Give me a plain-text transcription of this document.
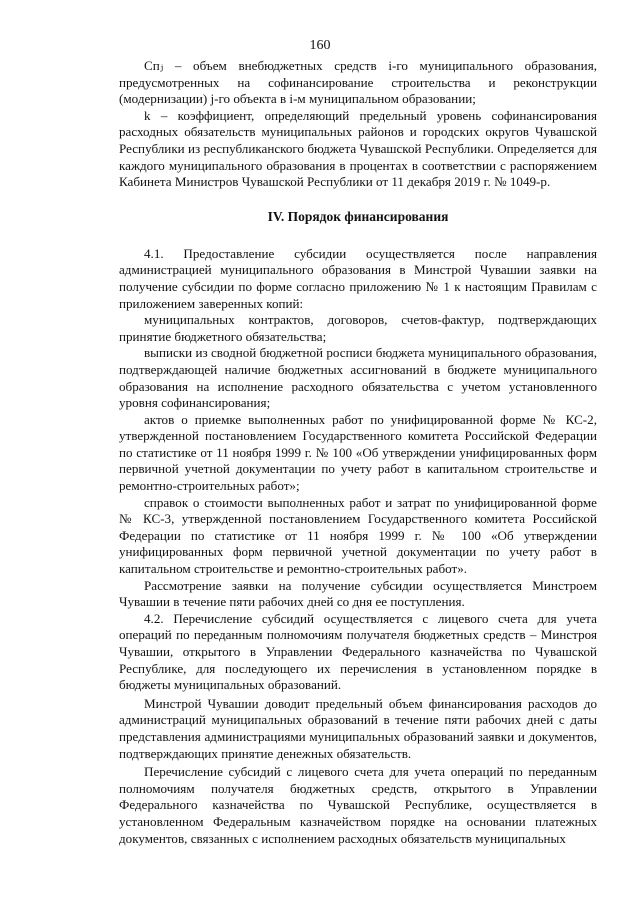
160

Спⱼ – объем внебюджетных средств i-го муниципального образования, предусмотренных на софинансирование строительства и реконструкции (модернизации) j-го объекта в i-м муниципальном образовании;

k – коэффициент, определяющий предельный уровень софинансирования расходных обязательств муниципальных районов и городских округов Чувашской Республики из республиканского бюджета Чувашской Республики. Определяется для каждого муниципального образования в процентах в соответствии с распоряжением Кабинета Министров Чувашской Республики от 11 декабря 2019 г. № 1049-р.

IV. Порядок финансирования

4.1. Предоставление субсидии осуществляется после направления администрацией муниципального образования в Минстрой Чувашии заявки на получение субсидии по форме согласно приложению № 1 к настоящим Правилам с приложением заверенных копий:

муниципальных контрактов, договоров, счетов-фактур, подтверждающих принятие бюджетного обязательства;

выписки из сводной бюджетной росписи бюджета муниципального образования, подтверждающей наличие бюджетных ассигнований в бюджете муниципального образования на исполнение расходного обязательства с учетом установленного уровня софинансирования;

актов о приемке выполненных работ по унифицированной форме № КС-2, утвержденной постановлением Государственного комитета Российской Федерации по статистике от 11 ноября 1999 г. № 100 «Об утверждении унифицированных форм первичной учетной документации по учету работ в капитальном строительстве и ремонтно-строительных работ»;

справок о стоимости выполненных работ и затрат по унифицированной форме № КС-3, утвержденной постановлением Государственного комитета Российской Федерации по статистике от 11 ноября 1999 г. № 100 «Об утверждении унифицированных форм первичной учетной документации по учету работ в капитальном строительстве и ремонтно-строительных работ».

Рассмотрение заявки на получение субсидии осуществляется Минстроем Чувашии в течение пяти рабочих дней со дня ее поступления.

4.2. Перечисление субсидий осуществляется с лицевого счета для учета операций по переданным полномочиям получателя бюджетных средств – Минстроя Чувашии, открытого в Управлении Федерального казначейства по Чувашской Республике, для последующего их перечисления в установленном порядке в бюджеты муниципальных образований.

Минстрой Чувашии доводит предельный объем финансирования расходов до администраций муниципальных образований в течение пяти рабочих дней с даты представления администрациями муниципальных образований заявки и документов, подтверждающих принятие денежных обязательств.

Перечисление субсидий с лицевого счета для учета операций по переданным полномочиям получателя бюджетных средств, открытого в Управлении Федерального казначейства по Чувашской Республике, осуществляется в установленном Федеральным казначейством порядке на основании платежных документов, связанных с исполнением расходных обязательств муниципальных
